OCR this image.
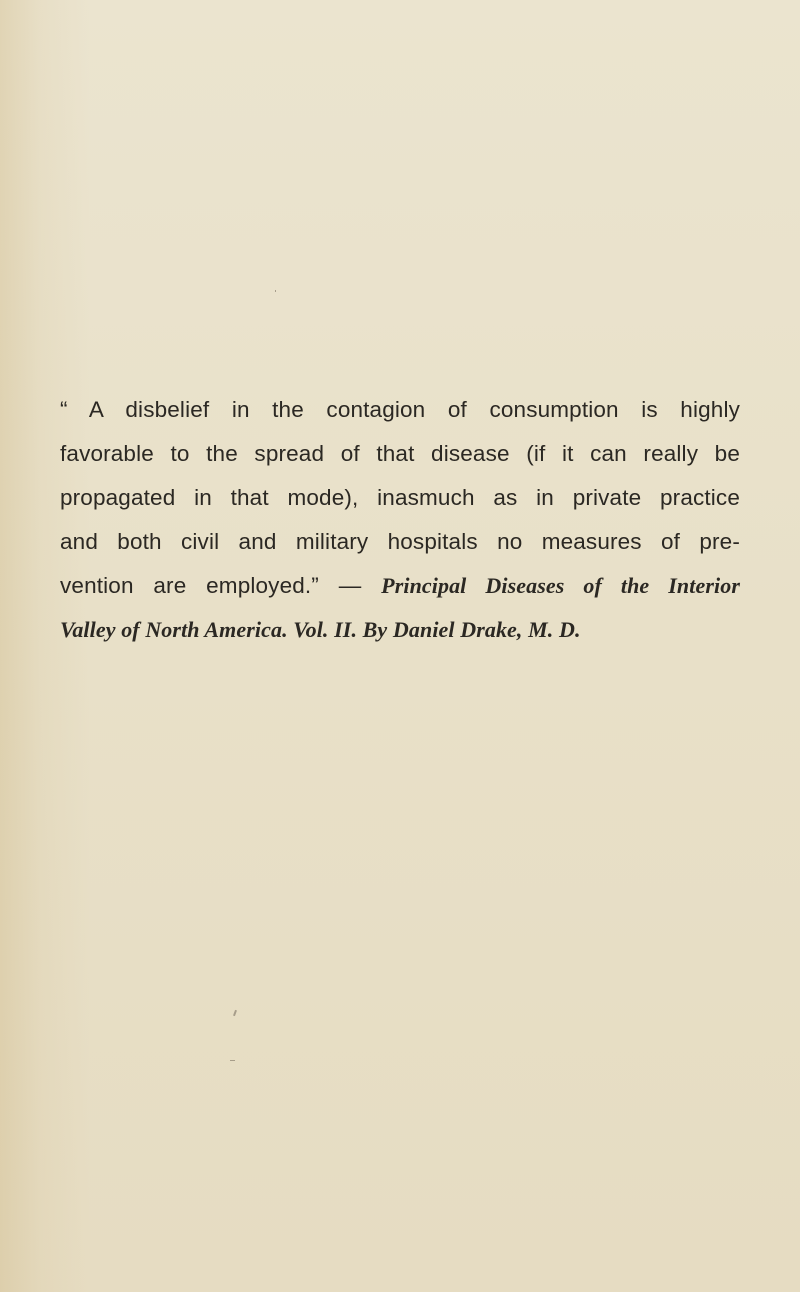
“ A disbelief in the contagion of consumption is highly
favorable to the spread of that disease (if it can really be
propagated in that mode), inasmuch as in private practice
and both civil and military hospitals no measures of pre-
vention are employed.” — Principal Diseases of the Interior
Valley of North America. Vol. II. By Daniel Drake, M. D.
